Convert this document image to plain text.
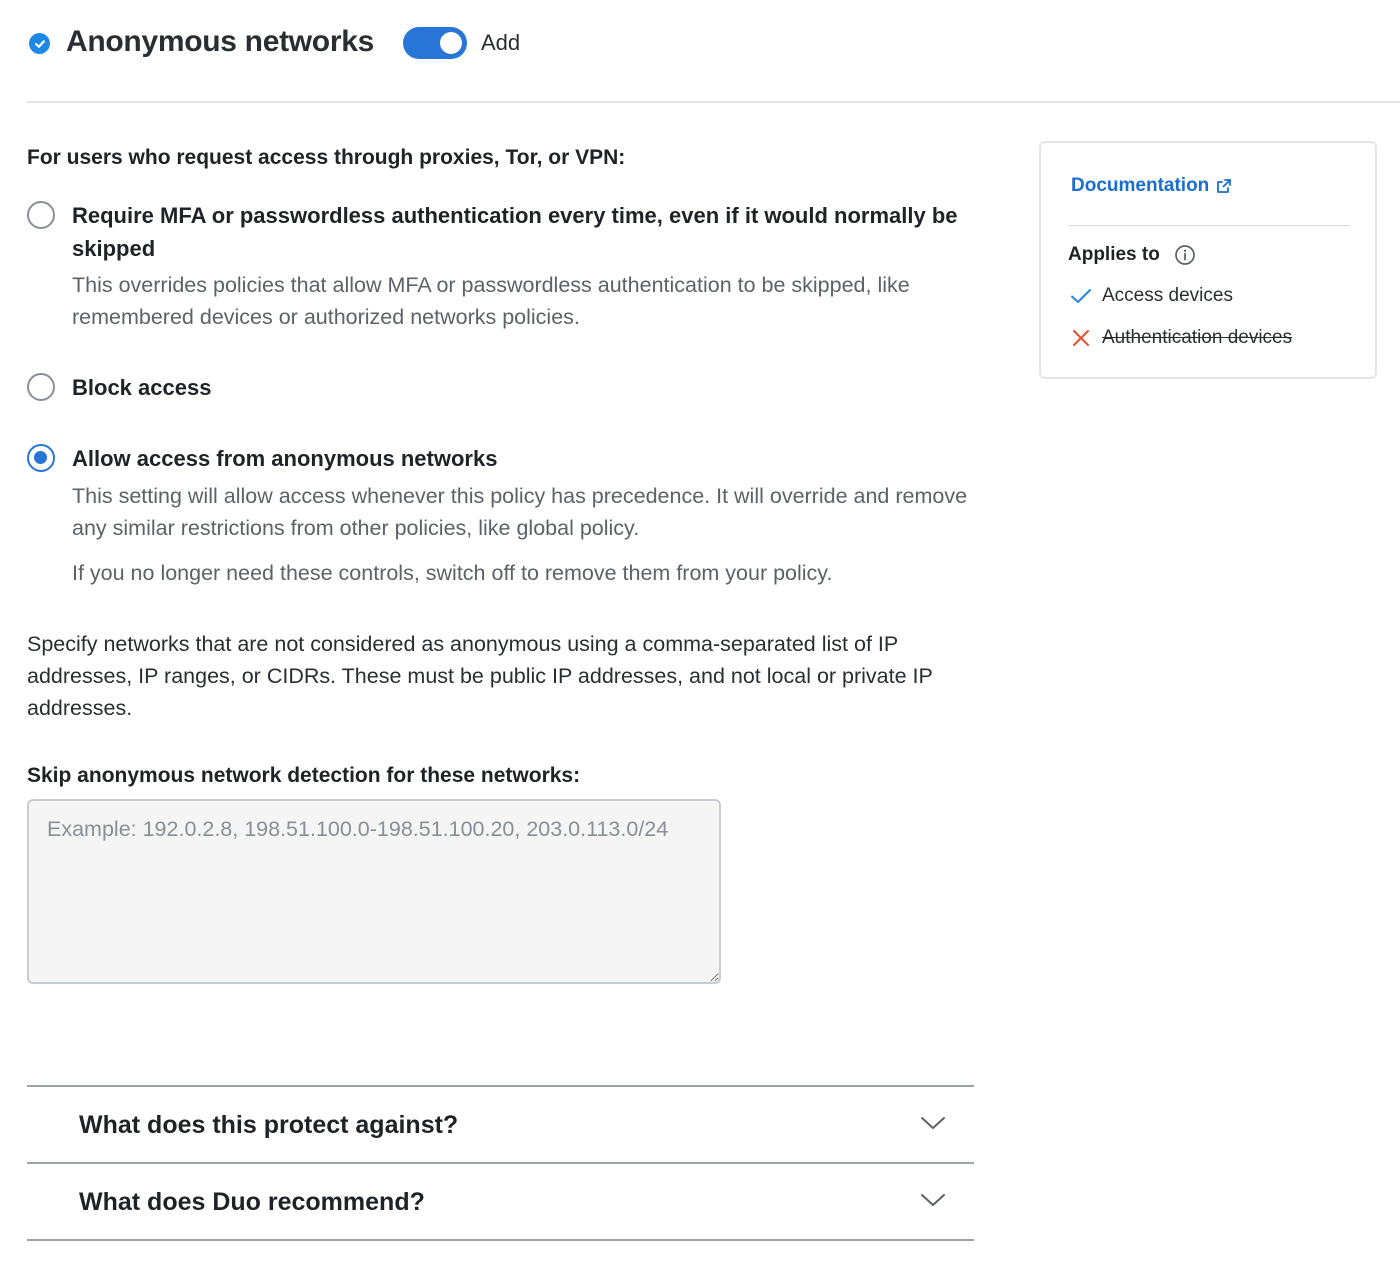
Anonymous networks	Add
For users who request access through proxies, Tor, or VPN:
Require MFA or passwordless authentication every time, even if it would normally be skipped
This overrides policies that allow MFA or passwordless authentication to be skipped, like remembered devices or authorized networks policies.
Block access
Allow access from anonymous networks
This setting will allow access whenever this policy has precedence. It will override and remove any similar restrictions from other policies, like global policy.
If you no longer need these controls, switch off to remove them from your policy.
Specify networks that are not considered as anonymous using a comma-separated list of IP addresses, IP ranges, or CIDRs. These must be public IP addresses, and not local or private IP addresses.
Skip anonymous network detection for these networks:
Example: 192.0.2.8, 198.51.100.0-198.51.100.20, 203.0.113.0/24
What does this protect against?
What does Duo recommend?
Documentation
Applies to
Access devices
Authentication devices
